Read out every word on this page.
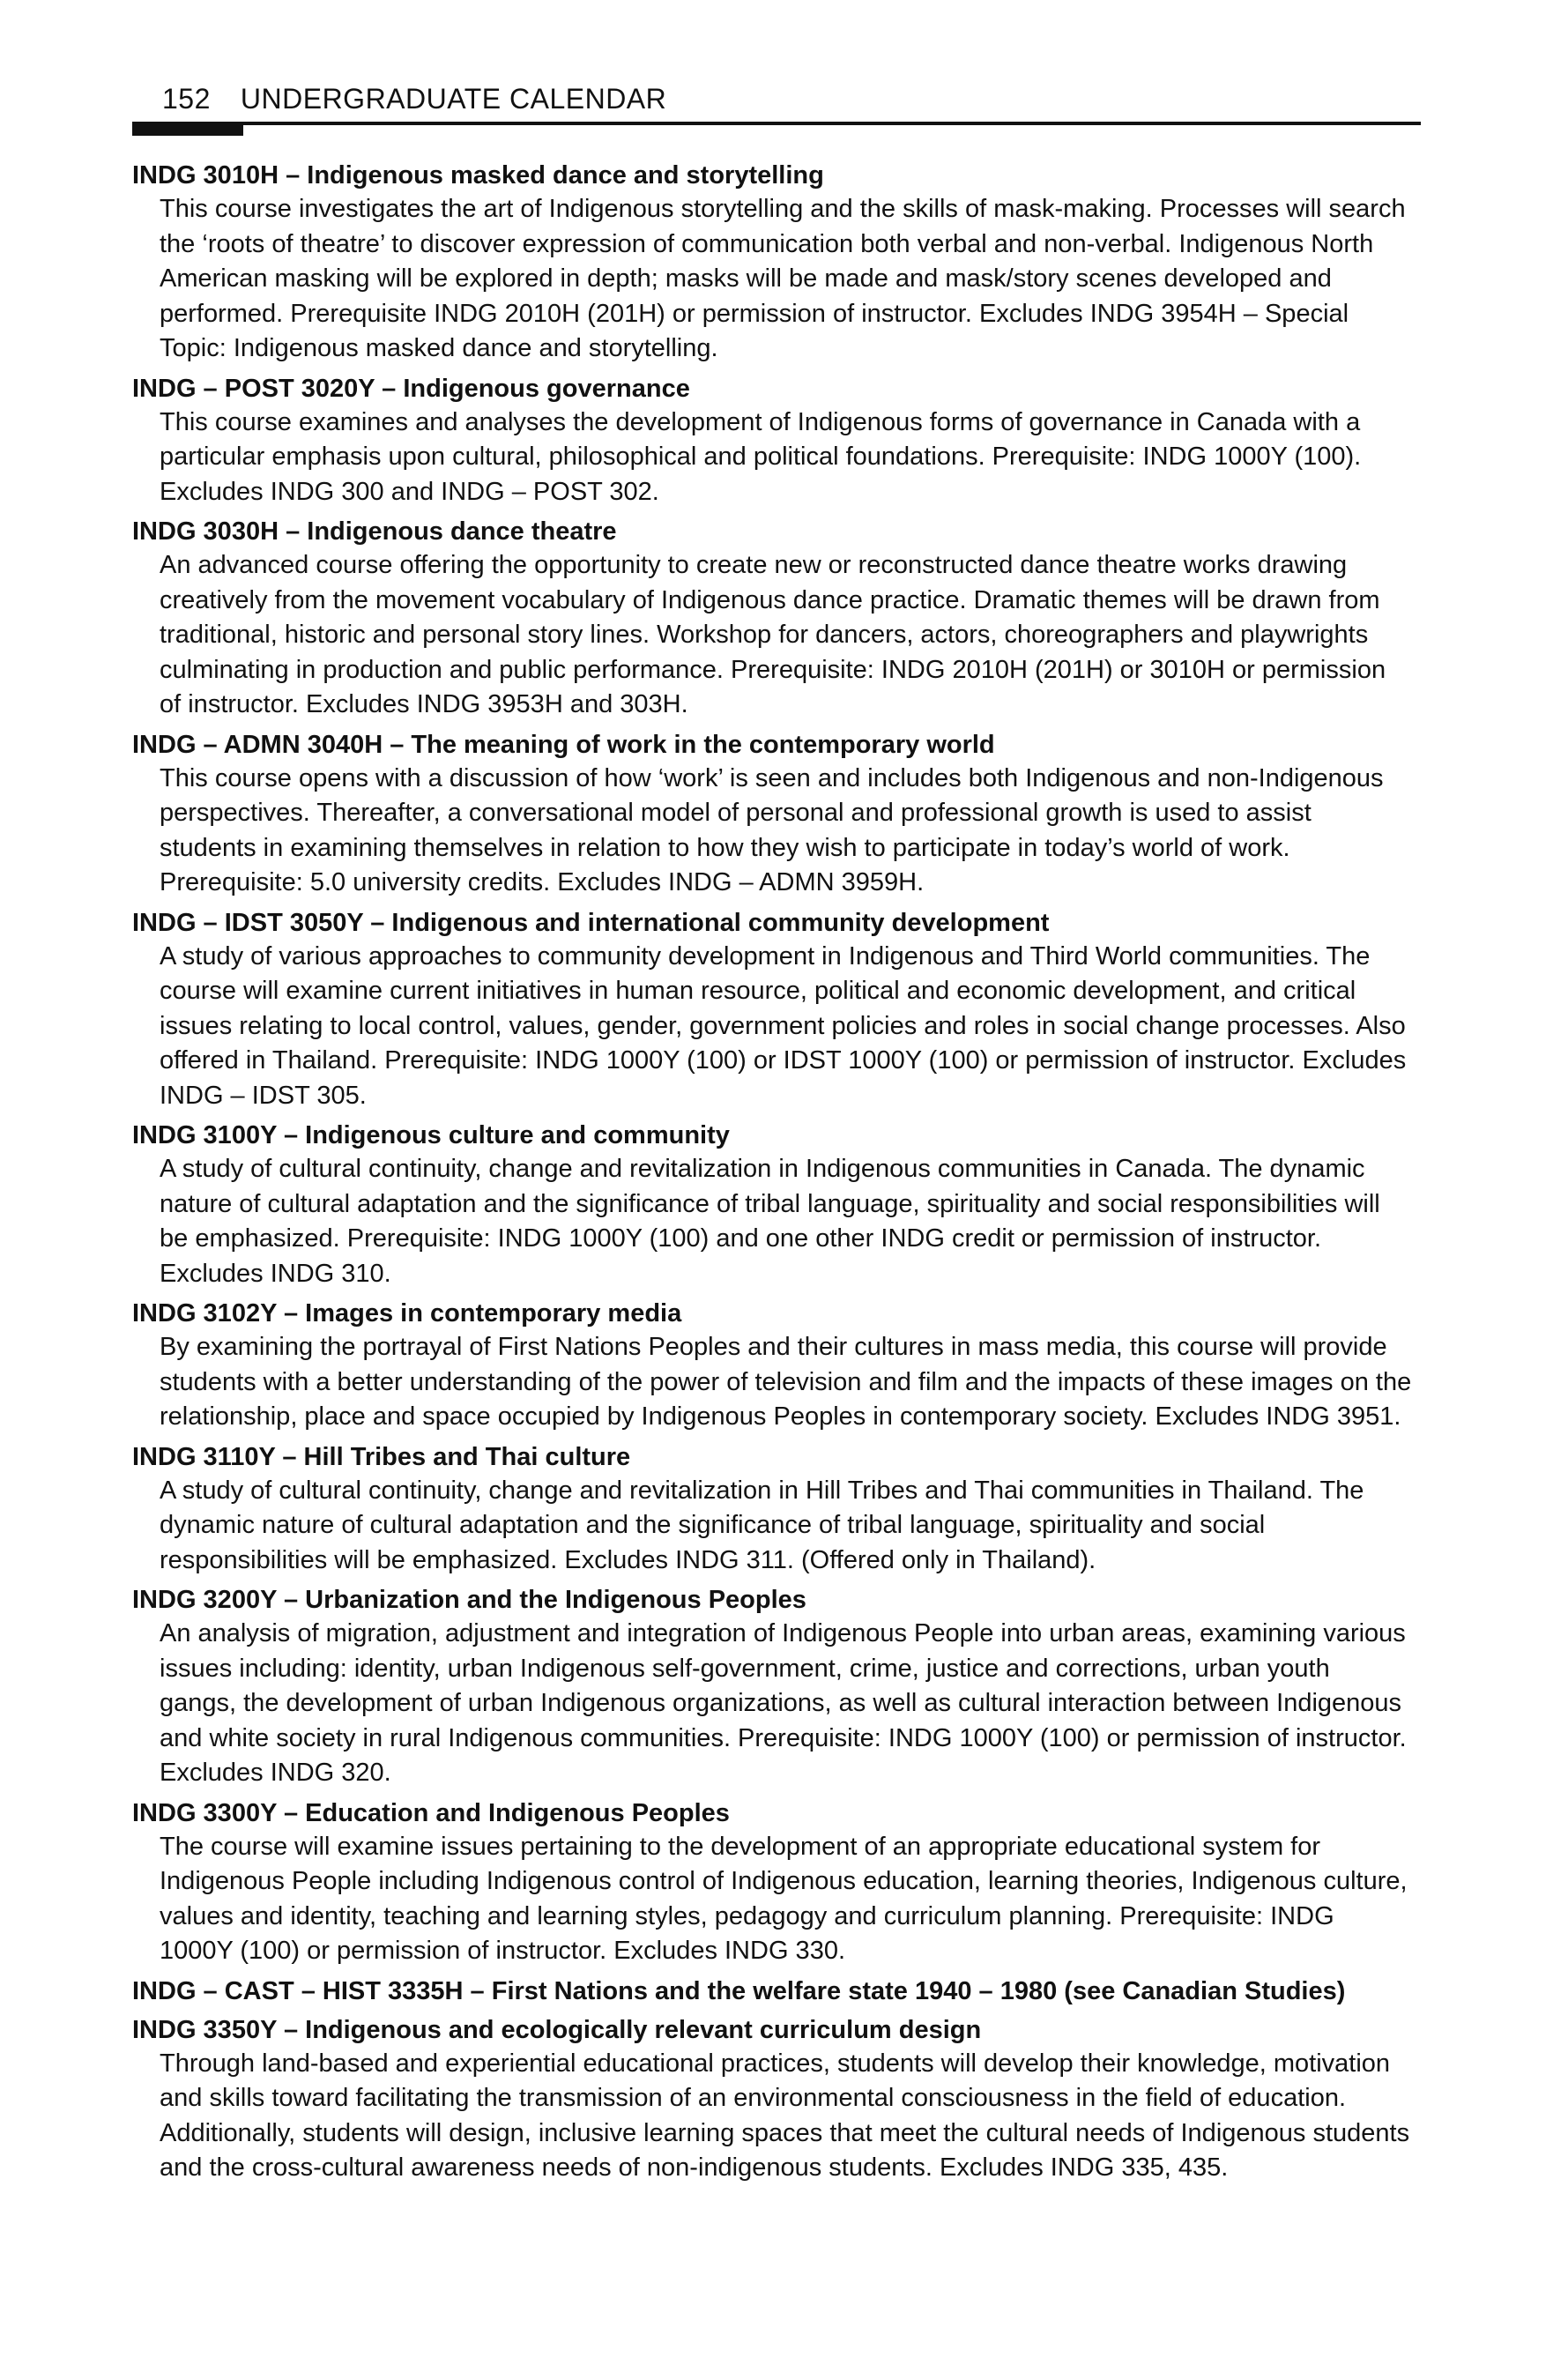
152 UNDERGRADUATE CALENDAR

INDG 3010H – Indigenous masked dance and storytelling

This course investigates the art of Indigenous storytelling and the skills of mask-making. Processes will search the ‘roots of theatre’ to discover expression of communication both verbal and non-verbal. Indigenous North American masking will be explored in depth; masks will be made and mask/story scenes developed and performed. Prerequisite INDG 2010H (201H) or permission of instructor. Excludes INDG 3954H – Special Topic: Indigenous masked dance and storytelling.

INDG – POST 3020Y – Indigenous governance

This course examines and analyses the development of Indigenous forms of governance in Canada with a particular emphasis upon cultural, philosophical and political foundations. Prerequisite: INDG 1000Y (100). Excludes INDG 300 and INDG – POST 302.

INDG 3030H – Indigenous dance theatre

An advanced course offering the opportunity to create new or reconstructed dance theatre works drawing creatively from the movement vocabulary of Indigenous dance practice. Dramatic themes will be drawn from traditional, historic and personal story lines. Workshop for dancers, actors, choreographers and playwrights culminating in production and public performance. Prerequisite: INDG 2010H (201H) or 3010H or permission of instructor. Excludes INDG 3953H and 303H.

INDG – ADMN 3040H – The meaning of work in the contemporary world

This course opens with a discussion of how ‘work’ is seen and includes both Indigenous and non-Indigenous perspectives. Thereafter, a conversational model of personal and professional growth is used to assist students in examining themselves in relation to how they wish to participate in today’s world of work. Prerequisite: 5.0 university credits. Excludes INDG – ADMN 3959H.

INDG – IDST 3050Y – Indigenous and international community development

A study of various approaches to community development in Indigenous and Third World communities. The course will examine current initiatives in human resource, political and economic development, and critical issues relating to local control, values, gender, government policies and roles in social change processes. Also offered in Thailand. Prerequisite: INDG 1000Y (100) or IDST 1000Y (100) or permission of instructor. Excludes INDG – IDST 305.

INDG 3100Y – Indigenous culture and community

A study of cultural continuity, change and revitalization in Indigenous communities in Canada. The dynamic nature of cultural adaptation and the significance of tribal language, spirituality and social responsibilities will be emphasized. Prerequisite: INDG 1000Y (100) and one other INDG credit or permission of instructor. Excludes INDG 310.

INDG 3102Y – Images in contemporary media

By examining the portrayal of First Nations Peoples and their cultures in mass media, this course will provide students with a better understanding of the power of television and film and the impacts of these images on the relationship, place and space occupied by Indigenous Peoples in contemporary society. Excludes INDG 3951.

INDG 3110Y – Hill Tribes and Thai culture

A study of cultural continuity, change and revitalization in Hill Tribes and Thai communities in Thailand. The dynamic nature of cultural adaptation and the significance of tribal language, spirituality and social responsibilities will be emphasized. Excludes INDG 311. (Offered only in Thailand).

INDG 3200Y – Urbanization and the Indigenous Peoples

An analysis of migration, adjustment and integration of Indigenous People into urban areas, examining various issues including: identity, urban Indigenous self-government, crime, justice and corrections, urban youth gangs, the development of urban Indigenous organizations, as well as cultural interaction between Indigenous and white society in rural Indigenous communities. Prerequisite: INDG 1000Y (100) or permission of instructor. Excludes INDG 320.

INDG 3300Y – Education and Indigenous Peoples

The course will examine issues pertaining to the development of an appropriate educational system for Indigenous People including Indigenous control of Indigenous education, learning theories, Indigenous culture, values and identity, teaching and learning styles, pedagogy and curriculum planning. Prerequisite: INDG 1000Y (100) or permission of instructor. Excludes INDG 330.

INDG – CAST – HIST 3335H – First Nations and the welfare state 1940 – 1980 (see Canadian Studies)

INDG 3350Y – Indigenous and ecologically relevant curriculum design

Through land-based and experiential educational practices, students will develop their knowledge, motivation and skills toward facilitating the transmission of an environmental consciousness in the field of education. Additionally, students will design, inclusive learning spaces that meet the cultural needs of Indigenous students and the cross-cultural awareness needs of non-indigenous students. Excludes INDG 335, 435.
